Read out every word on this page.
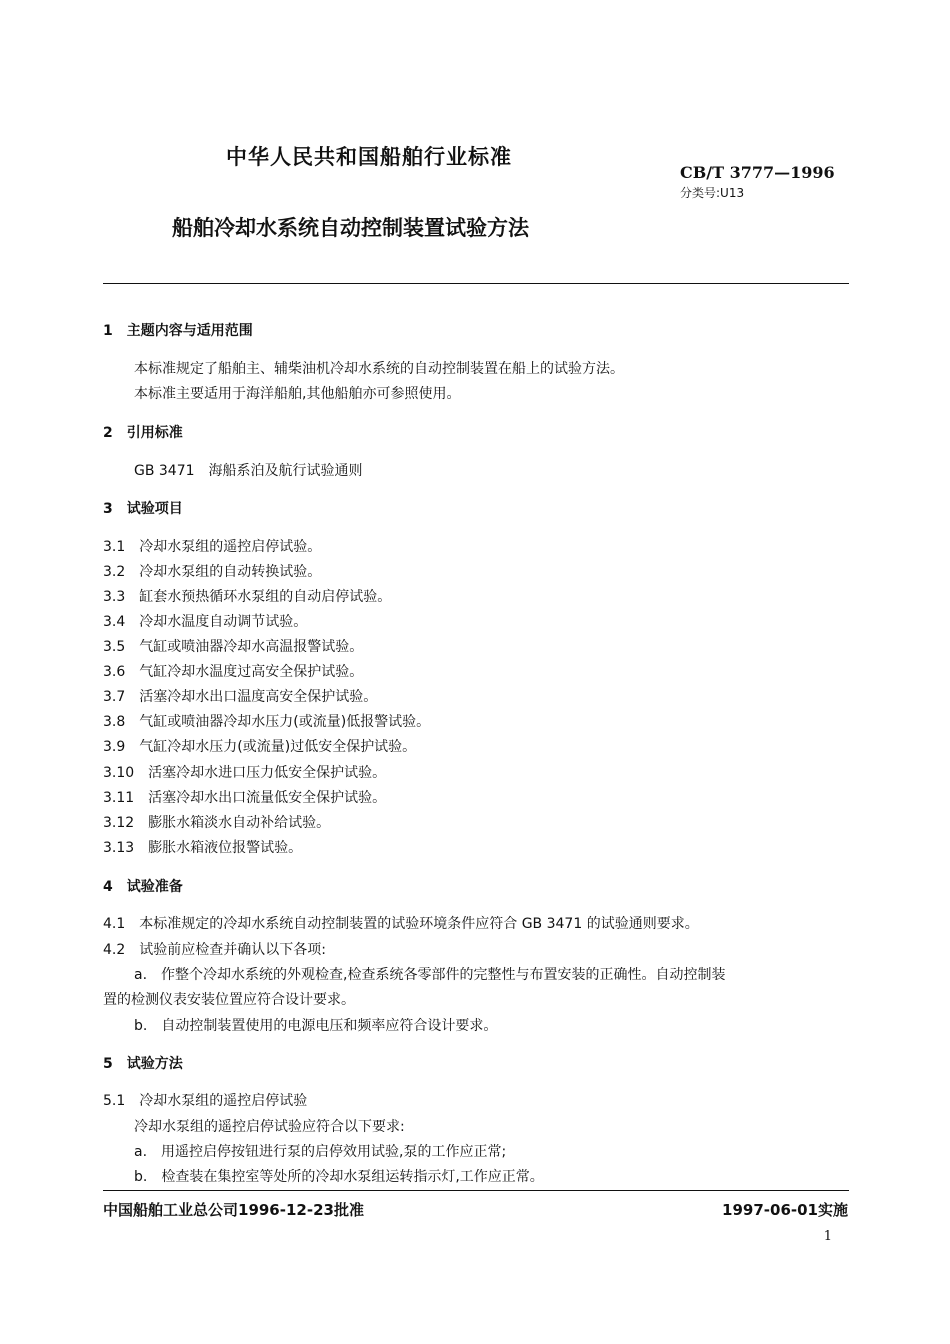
中华人民共和国船舶行业标准
CB/T 3777—1996
分类号:U13
船舶冷却水系统自动控制装置试验方法
1　主题内容与适用范围
本标准规定了船舶主、辅柴油机冷却水系统的自动控制装置在船上的试验方法。
本标准主要适用于海洋船舶,其他船舶亦可参照使用。
2　引用标准
GB 3471　海船系泊及航行试验通则
3　试验项目
3.1　冷却水泵组的遥控启停试验。
3.2　冷却水泵组的自动转换试验。
3.3　缸套水预热循环水泵组的自动启停试验。
3.4　冷却水温度自动调节试验。
3.5　气缸或喷油器冷却水高温报警试验。
3.6　气缸冷却水温度过高安全保护试验。
3.7　活塞冷却水出口温度高安全保护试验。
3.8　气缸或喷油器冷却水压力(或流量)低报警试验。
3.9　气缸冷却水压力(或流量)过低安全保护试验。
3.10　活塞冷却水进口压力低安全保护试验。
3.11　活塞冷却水出口流量低安全保护试验。
3.12　膨胀水箱淡水自动补给试验。
3.13　膨胀水箱液位报警试验。
4　试验准备
4.1　本标准规定的冷却水系统自动控制装置的试验环境条件应符合 GB 3471 的试验通则要求。
4.2　试验前应检查并确认以下各项:
a.　作整个冷却水系统的外观检查,检查系统各零部件的完整性与布置安装的正确性。自动控制装
置的检测仪表安装位置应符合设计要求。
b.　自动控制装置使用的电源电压和频率应符合设计要求。
5　试验方法
5.1　冷却水泵组的遥控启停试验
冷却水泵组的遥控启停试验应符合以下要求:
a.　用遥控启停按钮进行泵的启停效用试验,泵的工作应正常;
b.　检查装在集控室等处所的冷却水泵组运转指示灯,工作应正常。
中国船舶工业总公司1996-12-23批准	1997-06-01实施
1
